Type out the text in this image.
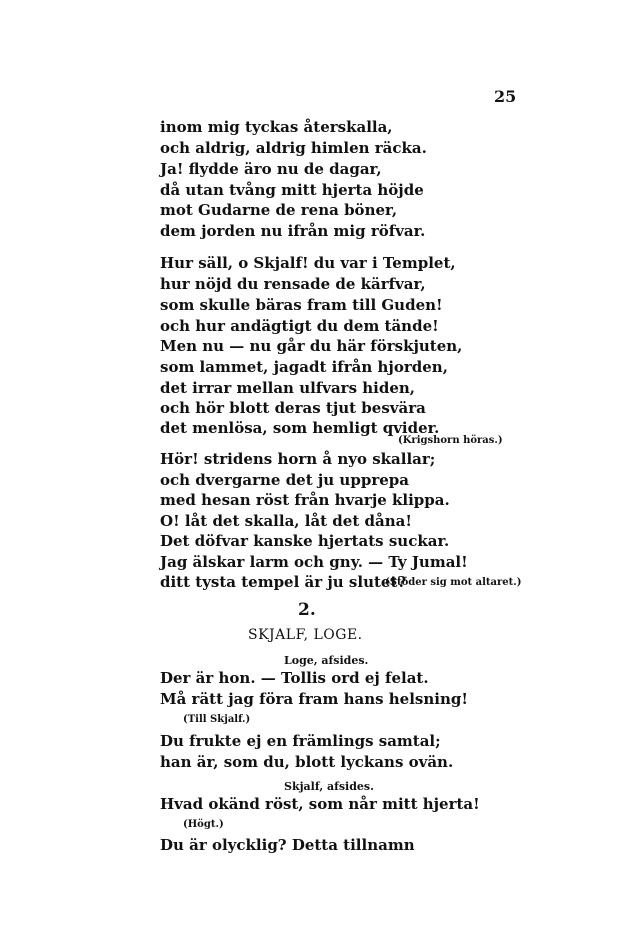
25
inom mig tyckas återskalla,
och aldrig, aldrig himlen räcka.
Ja! flydde äro nu de dagar,
då utan tvång mitt hjerta höjde
mot Gudarne de rena böner,
dem jorden nu ifrån mig röfvar.
Hur säll, o Skjalf! du var i Templet,
hur nöjd du rensade de kärfvar,
som skulle bäras fram till Guden!
och hur andägtigt du dem tände!
Men nu — nu går du här förskjuten,
som lammet, jagadt ifrån hjorden,
det irrar mellan ulfvars hiden,
och hör blott deras tjut besvära
det menlösa, som hemligt qvider.
(Krigshorn höras.)
Hör! stridens horn å nyo skallar;
och dvergarne det ju upprepa
med hesan röst från hvarje klippa.
O! låt det skalla, låt det dåna!
Det döfvar kanske hjertats suckar.
Jag älskar larm och gny. — Ty Jumal!
ditt tysta tempel är ju slutet?
(Stöder sig mot altaret.)
2.
SKJALF, LOGE.
Loge, afsides.
Der är hon. — Tollis ord ej felat.
Må rätt jag föra fram hans helsning!
(Till Skjalf.)
Du frukte ej en främlings samtal;
han är, som du, blott lyckans ovän.
Skjalf, afsides.
Hvad okänd röst, som når mitt hjerta!
(Högt.)
Du är olycklig? Detta tillnamn
